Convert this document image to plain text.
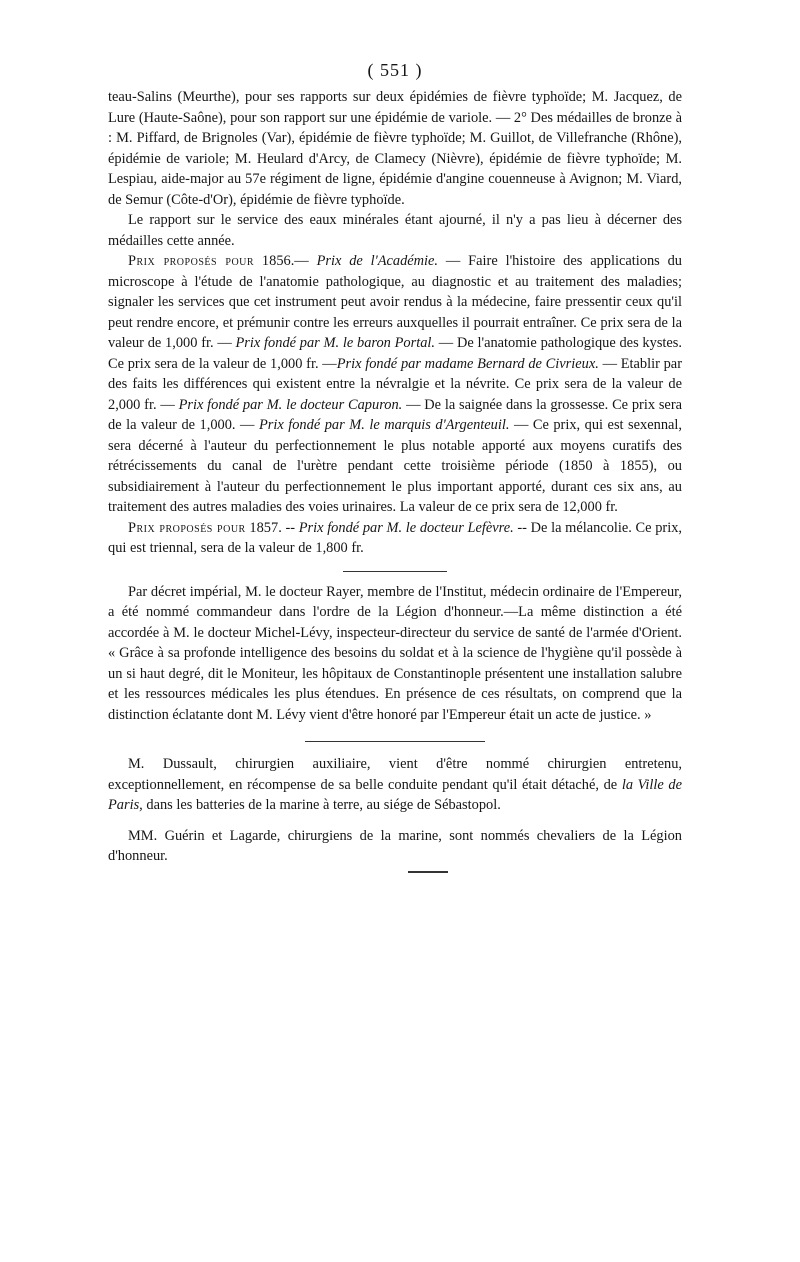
( 551 )

teau-Salins (Meurthe), pour ses rapports sur deux épidémies de fièvre typhoïde; M. Jacquez, de Lure (Haute-Saône), pour son rapport sur une épidémie de variole. — 2° Des médailles de bronze à : M. Piffard, de Brignoles (Var), épidémie de fièvre typhoïde; M. Guillot, de Villefranche (Rhône), épidémie de variole; M. Heulard d'Arcy, de Clamecy (Nièvre), épidémie de fièvre typhoïde; M. Lespiau, aide-major au 57e régiment de ligne, épidémie d'angine couenneuse à Avignon; M. Viard, de Semur (Côte-d'Or), épidémie de fièvre typhoïde.

Le rapport sur le service des eaux minérales étant ajourné, il n'y a pas lieu à décerner des médailles cette année.

Prix proposés pour 1856.— Prix de l'Académie. — Faire l'histoire des applications du microscope à l'étude de l'anatomie pathologique, au diagnostic et au traitement des maladies; signaler les services que cet instrument peut avoir rendus à la médecine, faire pressentir ceux qu'il peut rendre encore, et prémunir contre les erreurs auxquelles il pourrait entraîner. Ce prix sera de la valeur de 1,000 fr. — Prix fondé par M. le baron Portal. — De l'anatomie pathologique des kystes. Ce prix sera de la valeur de 1,000 fr. —Prix fondé par madame Bernard de Civrieux. — Etablir par des faits les différences qui existent entre la névralgie et la névrite. Ce prix sera de la valeur de 2,000 fr. — Prix fondé par M. le docteur Capuron. — De la saignée dans la grossesse. Ce prix sera de la valeur de 1,000. — Prix fondé par M. le marquis d'Argenteuil. — Ce prix, qui est sexennal, sera décerné à l'auteur du perfectionnement le plus notable apporté aux moyens curatifs des rétrécissements du canal de l'urètre pendant cette troisième période (1850 à 1855), ou subsidiairement à l'auteur du perfectionnement le plus important apporté, durant ces six ans, au traitement des autres maladies des voies urinaires. La valeur de ce prix sera de 12,000 fr.

Prix proposés pour 1857. -- Prix fondé par M. le docteur Lefèvre. -- De la mélancolie. Ce prix, qui est triennal, sera de la valeur de 1,800 fr.

Par décret impérial, M. le docteur Rayer, membre de l'Institut, médecin ordinaire de l'Empereur, a été nommé commandeur dans l'ordre de la Légion d'honneur.—La même distinction a été accordée à M. le docteur Michel-Lévy, inspecteur-directeur du service de santé de l'armée d'Orient. « Grâce à sa profonde intelligence des besoins du soldat et à la science de l'hygiène qu'il possède à un si haut degré, dit le Moniteur, les hôpitaux de Constantinople présentent une installation salubre et les ressources médicales les plus étendues. En présence de ces résultats, on comprend que la distinction éclatante dont M. Lévy vient d'être honoré par l'Empereur était un acte de justice. »

M. Dussault, chirurgien auxiliaire, vient d'être nommé chirurgien entretenu, exceptionnellement, en récompense de sa belle conduite pendant qu'il était détaché, de la Ville de Paris, dans les batteries de la marine à terre, au siége de Sébastopol.

MM. Guérin et Lagarde, chirurgiens de la marine, sont nommés chevaliers de la Légion d'honneur.
